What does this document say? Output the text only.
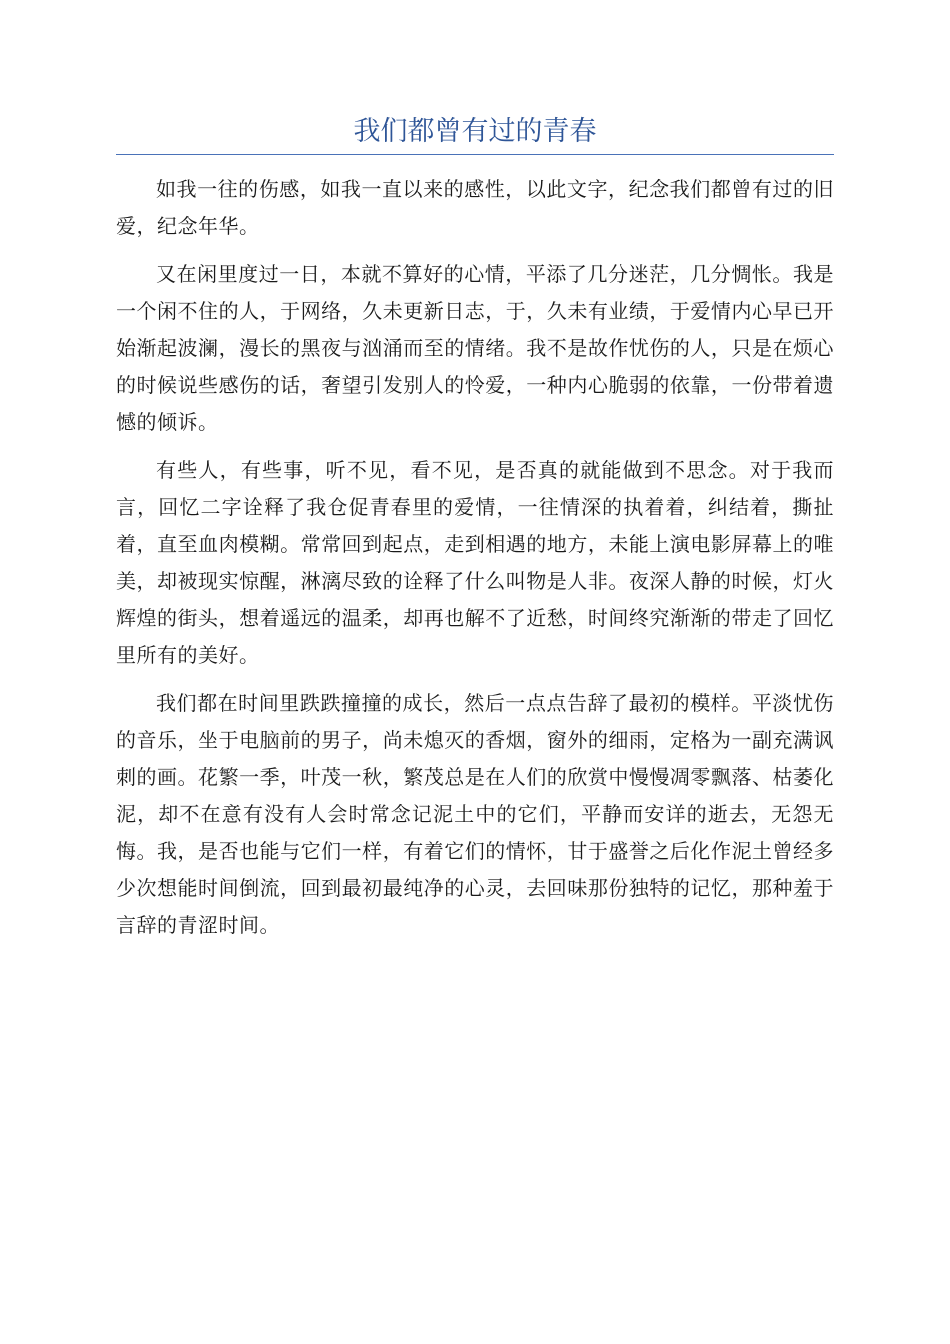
我们都曾有过的青春

如我一往的伤感，如我一直以来的感性，以此文字，纪念我们都曾有过的旧爱，纪念年华。

又在闲里度过一日，本就不算好的心情，平添了几分迷茫，几分惆怅。我是一个闲不住的人，于网络，久未更新日志，于，久未有业绩，于爱情内心早已开始渐起波澜，漫长的黑夜与汹涌而至的情绪。我不是故作忧伤的人，只是在烦心的时候说些感伤的话，奢望引发别人的怜爱，一种内心脆弱的依靠，一份带着遗憾的倾诉。

有些人，有些事，听不见，看不见，是否真的就能做到不思念。对于我而言，回忆二字诠释了我仓促青春里的爱情，一往情深的执着着，纠结着，撕扯着，直至血肉模糊。常常回到起点，走到相遇的地方，未能上演电影屏幕上的唯美，却被现实惊醒，淋漓尽致的诠释了什么叫物是人非。夜深人静的时候，灯火辉煌的街头，想着遥远的温柔，却再也解不了近愁，时间终究渐渐的带走了回忆里所有的美好。

我们都在时间里跌跌撞撞的成长，然后一点点告辞了最初的模样。平淡忧伤的音乐，坐于电脑前的男子，尚未熄灭的香烟，窗外的细雨，定格为一副充满讽刺的画。花繁一季，叶茂一秋，繁茂总是在人们的欣赏中慢慢凋零飘落、枯萎化泥，却不在意有没有人会时常念记泥土中的它们，平静而安详的逝去，无怨无悔。我，是否也能与它们一样，有着它们的情怀，甘于盛誉之后化作泥土曾经多少次想能时间倒流，回到最初最纯净的心灵，去回味那份独特的记忆，那种羞于言辞的青涩时间。
